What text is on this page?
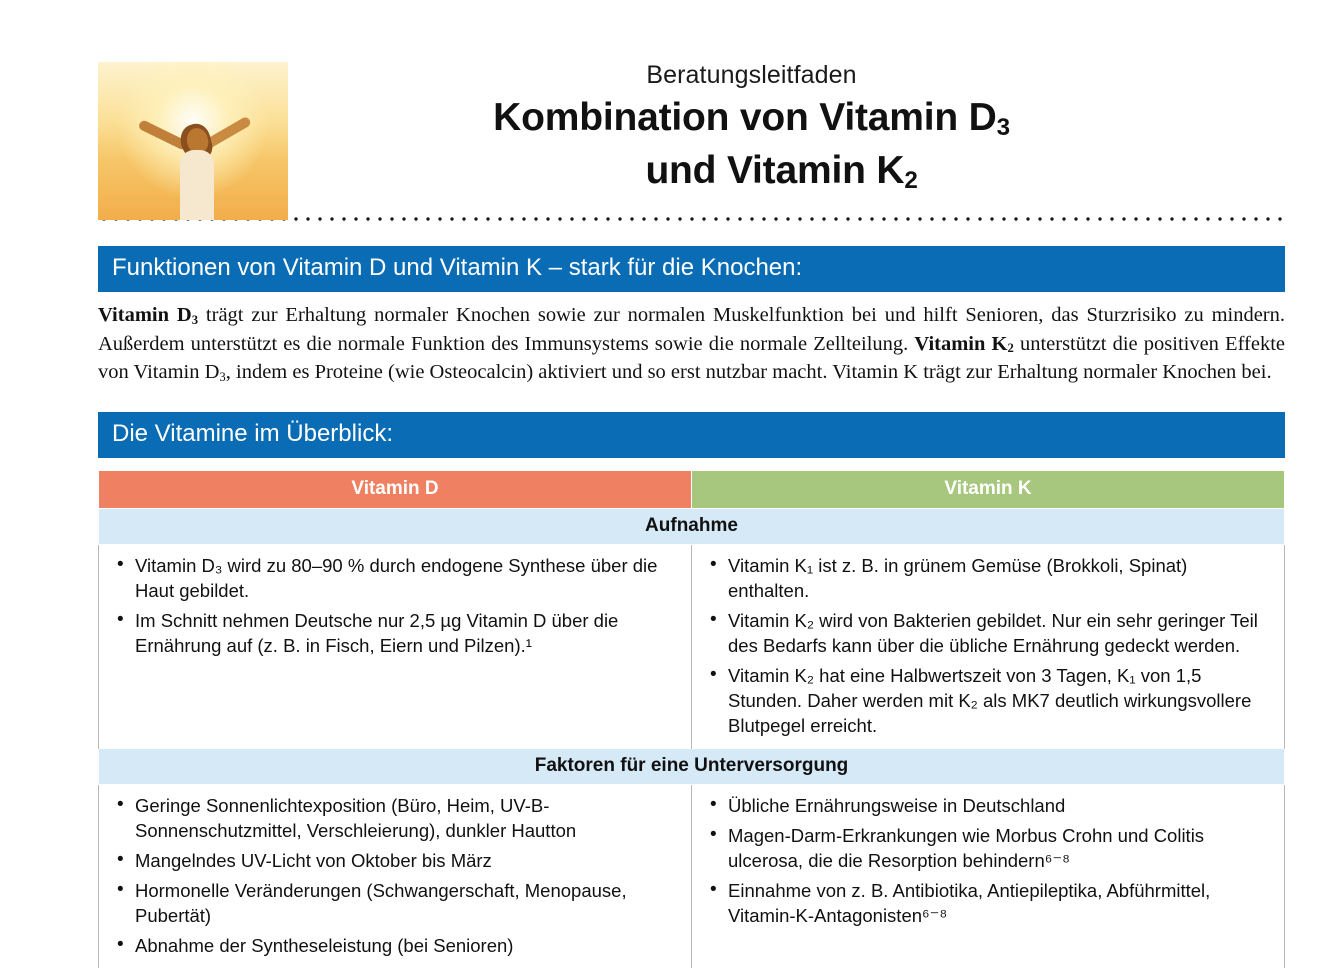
Beratungsleitfaden

Kombination von Vitamin $D_3$
und Vitamin $K_2$
Funktionen von Vitamin D und Vitamin K – stark für die Knochen:

Vitamin $D_3$ trägt zur Erhaltung normaler Knochen sowie zur normalen Muskelfunktion bei und hilft Senioren, das Sturzrisiko zu mindern. Außerdem unterstützt es die normale Funktion des Immunsystems sowie die normale Zellteilung. Vitamin $K_2$ unterstützt die positiven Effekte von Vitamin $D_3$, indem es Proteine (wie Osteocalcin) aktiviert und so erst nutzbar macht. Vitamin K trägt zur Erhaltung normaler Knochen bei.

Die Vitamine im Überblick:
Vitamin D	Vitamin K
Aufnahme	

• Vitamin D₃ wird zu 80–90 % durch endogene Synthese über die Haut gebildet.
• Im Schnitt nehmen Deutsche nur 2,5 µg Vitamin D über die Ernährung auf (z. B. in Fisch, Eiern und Pilzen).¹

• Vitamin K₁ ist z. B. in grünem Gemüse (Brokkoli, Spinat) enthalten.
• Vitamin K₂ wird von Bakterien gebildet. Nur ein sehr geringer Teil des Bedarfs kann über die übliche Ernährung gedeckt werden.
• Vitamin K₂ hat eine Halbwertszeit von 3 Tagen, K₁ von 1,5 Stunden. Daher werden mit K₂ als MK7 deutlich wirkungsvollere Blutpegel erreicht.

Faktoren für eine Unterversorgung	

• Geringe Sonnenlichtexposition (Büro, Heim, UV-B-Sonnenschutzmittel, Verschleierung), dunkler Hautton
• Mangelndes UV-Licht von Oktober bis März
• Hormonelle Veränderungen (Schwangerschaft, Menopause, Pubertät)
• Abnahme der Syntheseleistung (bei Senioren)

• Übliche Ernährungsweise in Deutschland
• Magen-Darm-Erkrankungen wie Morbus Crohn und Colitis ulcerosa, die die Resorption behindern⁶⁻⁸
• Einnahme von z. B. Antibiotika, Antiepileptika, Abführmittel, Vitamin-K-Antagonisten⁶⁻⁸
